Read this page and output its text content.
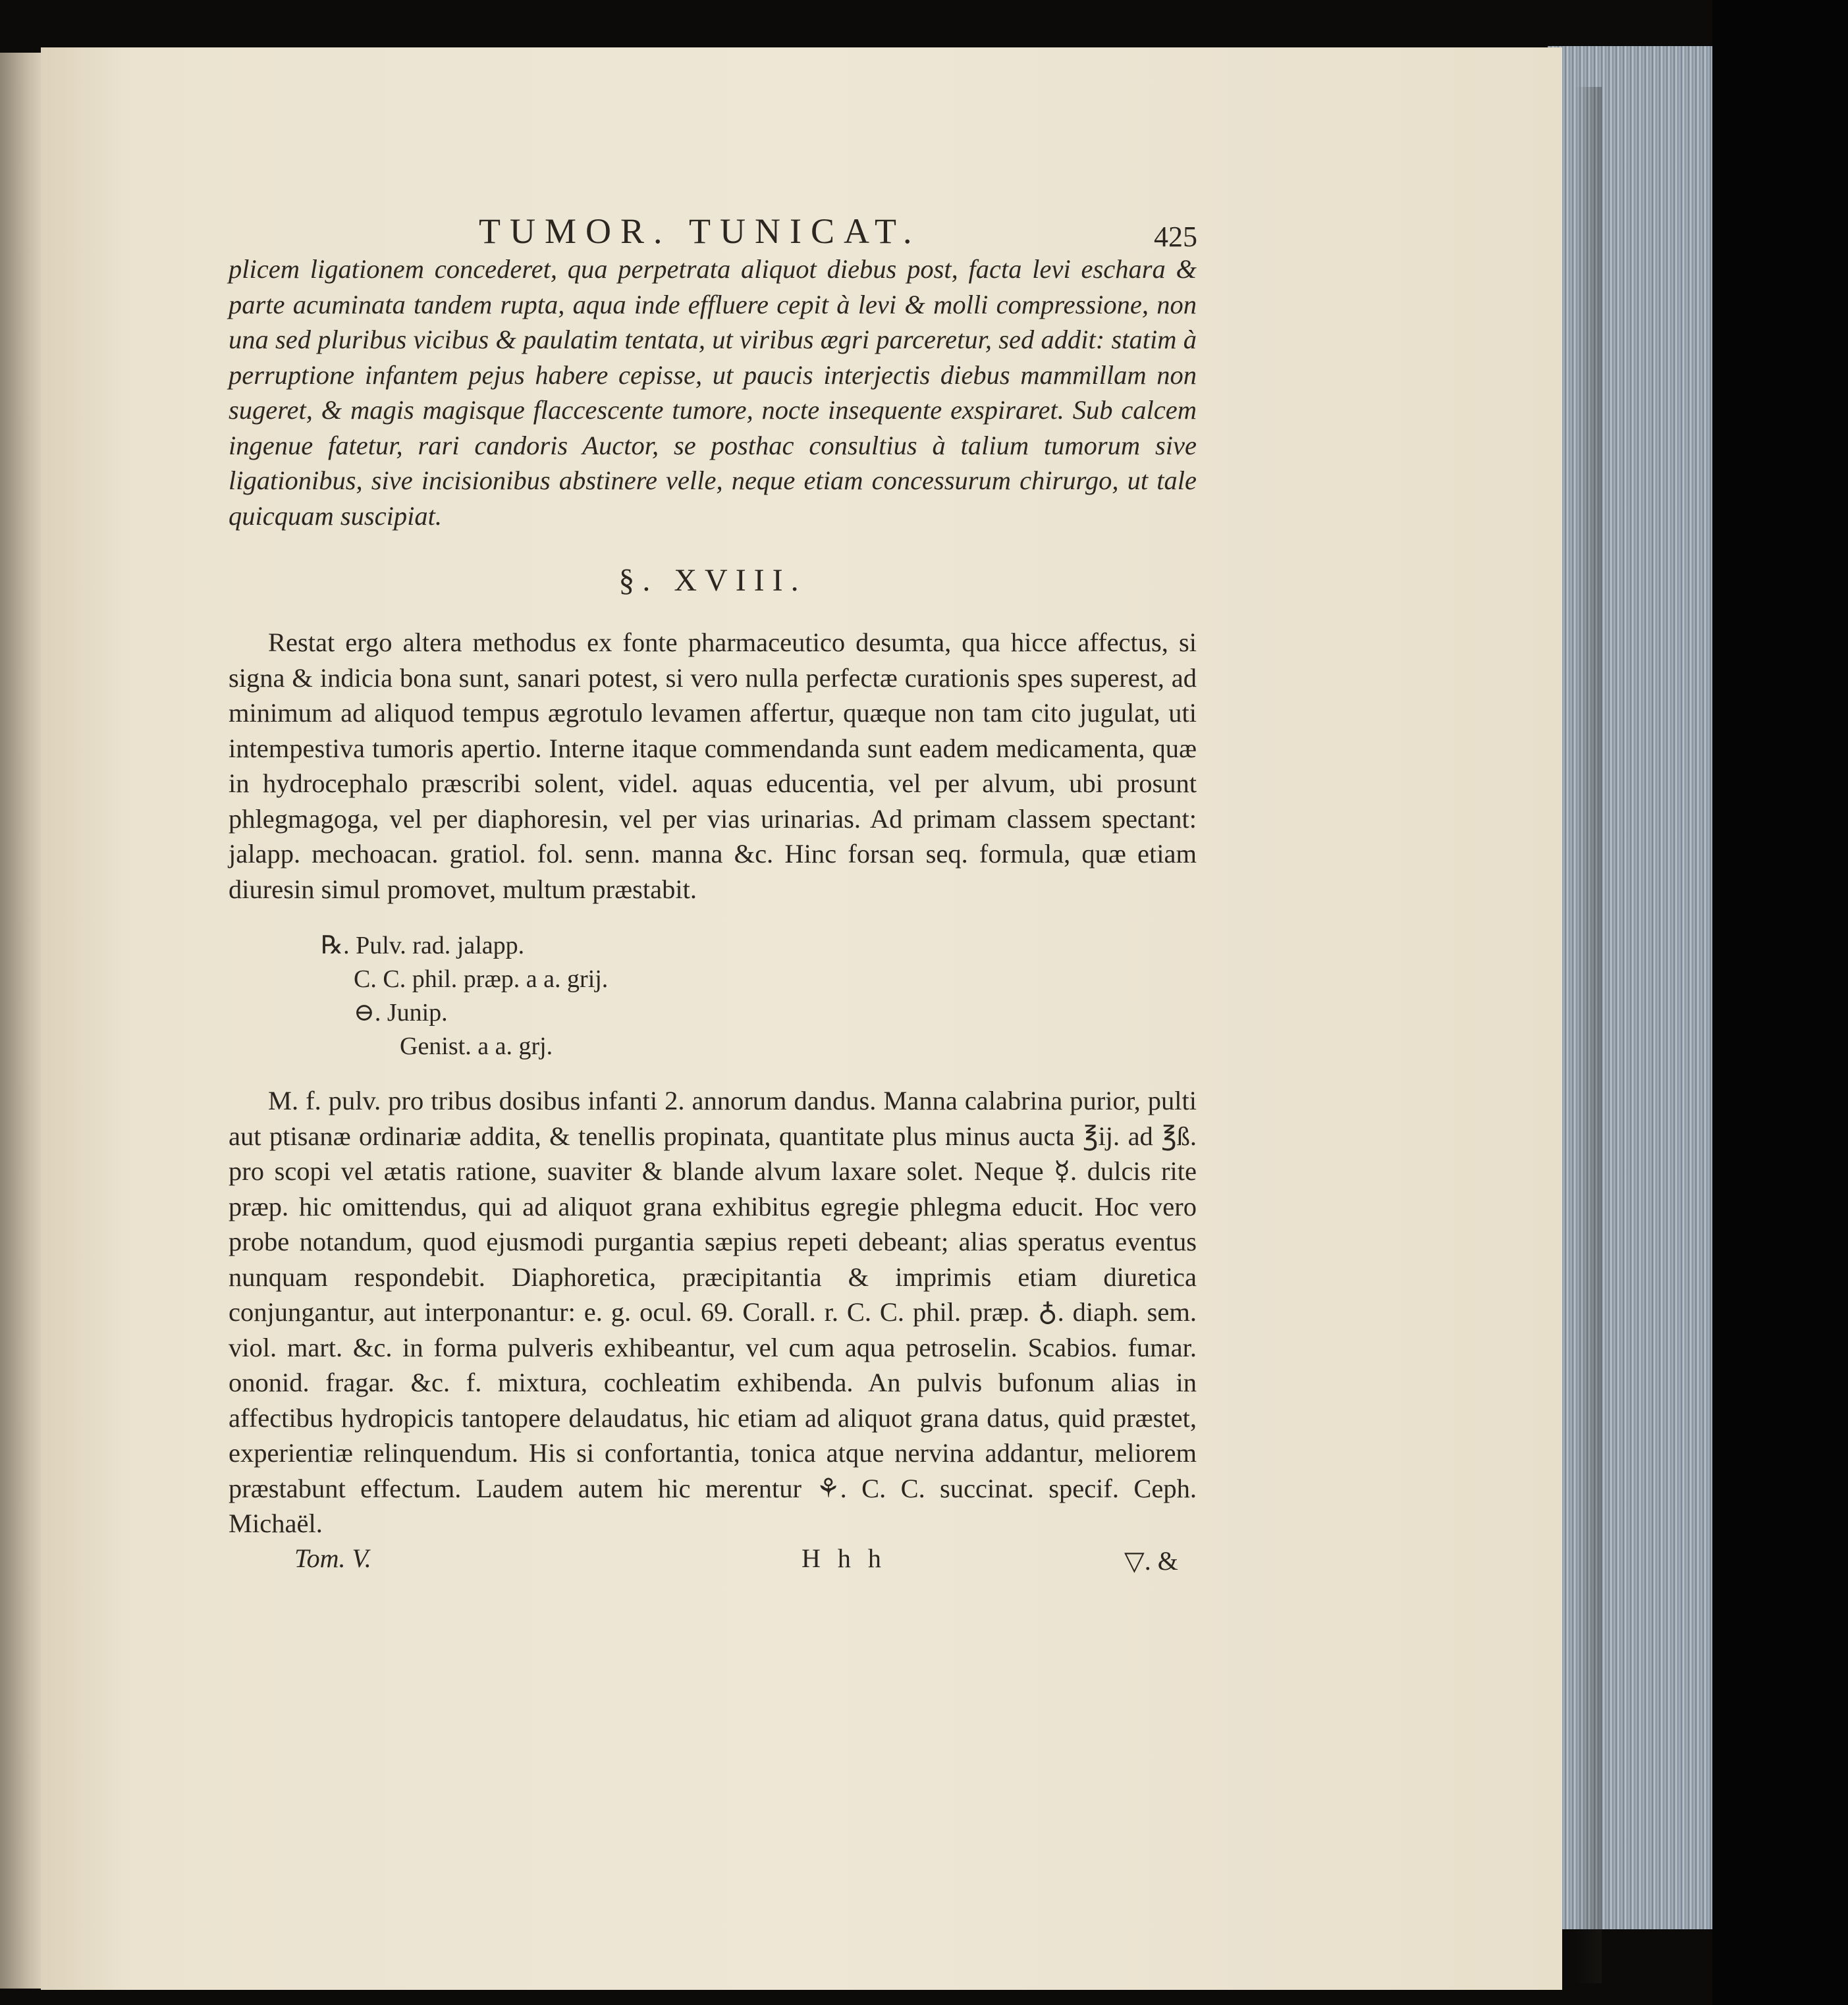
TUMOR. TUNICAT.	425

plicem ligationem concederet, qua perpetrata aliquot diebus post, facta levi eschara & parte acuminata tandem rupta, aqua inde effluere cepit à levi & molli compressione, non una sed pluribus vicibus & paulatim tentata, ut viribus ægri parceretur, sed addit: statim à perruptione infantem pejus habere cepisse, ut paucis interjectis diebus mammillam non sugeret, & magis magisque flaccescente tumore, nocte insequente exspiraret. Sub calcem ingenue fatetur, rari candoris Auctor, se posthac consultius à talium tumorum sive ligationibus, sive incisionibus abstinere velle, neque etiam concessurum chirurgo, ut tale quicquam suscipiat.

§. XVIII.

Restat ergo altera methodus ex fonte pharmaceutico desumta, qua hicce affectus, si signa & indicia bona sunt, sanari potest, si vero nulla perfectæ curationis spes superest, ad minimum ad aliquod tempus ægrotulo levamen affertur, quæque non tam cito jugulat, uti intempestiva tumoris apertio. Interne itaque commendanda sunt eadem medicamenta, quæ in hydrocephalo præscribi solent, videl. aquas educentia, vel per alvum, ubi prosunt phlegmagoga, vel per diaphoresin, vel per vias urinarias. Ad primam classem spectant: jalapp. mechoacan. gratiol. fol. senn. manna &c. Hinc forsan seq. formula, quæ etiam diuresin simul promovet, multum præstabit.

℞. Pulv. rad. jalapp.
C. C. phil. præp. a a. grij.
⊖. Junip.
Genist. a a. grj.

M. f. pulv. pro tribus dosibus infanti 2. annorum dandus. Manna calabrina purior, pulti aut ptisanæ ordinariæ addita, & tenellis propinata, quantitate plus minus aucta ℥ij. ad ℥ß. pro scopi vel ætatis ratione, suaviter & blande alvum laxare solet. Neque ☿. dulcis rite præp. hic omittendus, qui ad aliquot grana exhibitus egregie phlegma educit. Hoc vero probe notandum, quod ejusmodi purgantia sæpius repeti debeant; alias speratus eventus nunquam respondebit. Diaphoretica, præcipitantia & imprimis etiam diuretica conjungantur, aut interponantur: e. g. ocul. 69. Corall. r. C. C. phil. præp. ♁. diaph. sem. viol. mart. &c. in forma pulveris exhibeantur, vel cum aqua petroselin. Scabios. fumar. ononid. fragar. &c. f. mixtura, cochleatim exhibenda. An pulvis bufonum alias in affectibus hydropicis tantopere delaudatus, hic etiam ad aliquot grana datus, quid præstet, experientiæ relinquendum. His si confortantia, tonica atque nervina addantur, meliorem præstabunt effectum. Laudem autem hic merentur ⚘. C. C. succinat. specif. Ceph. Michaël.

Tom. V.	H h h	▽. &
